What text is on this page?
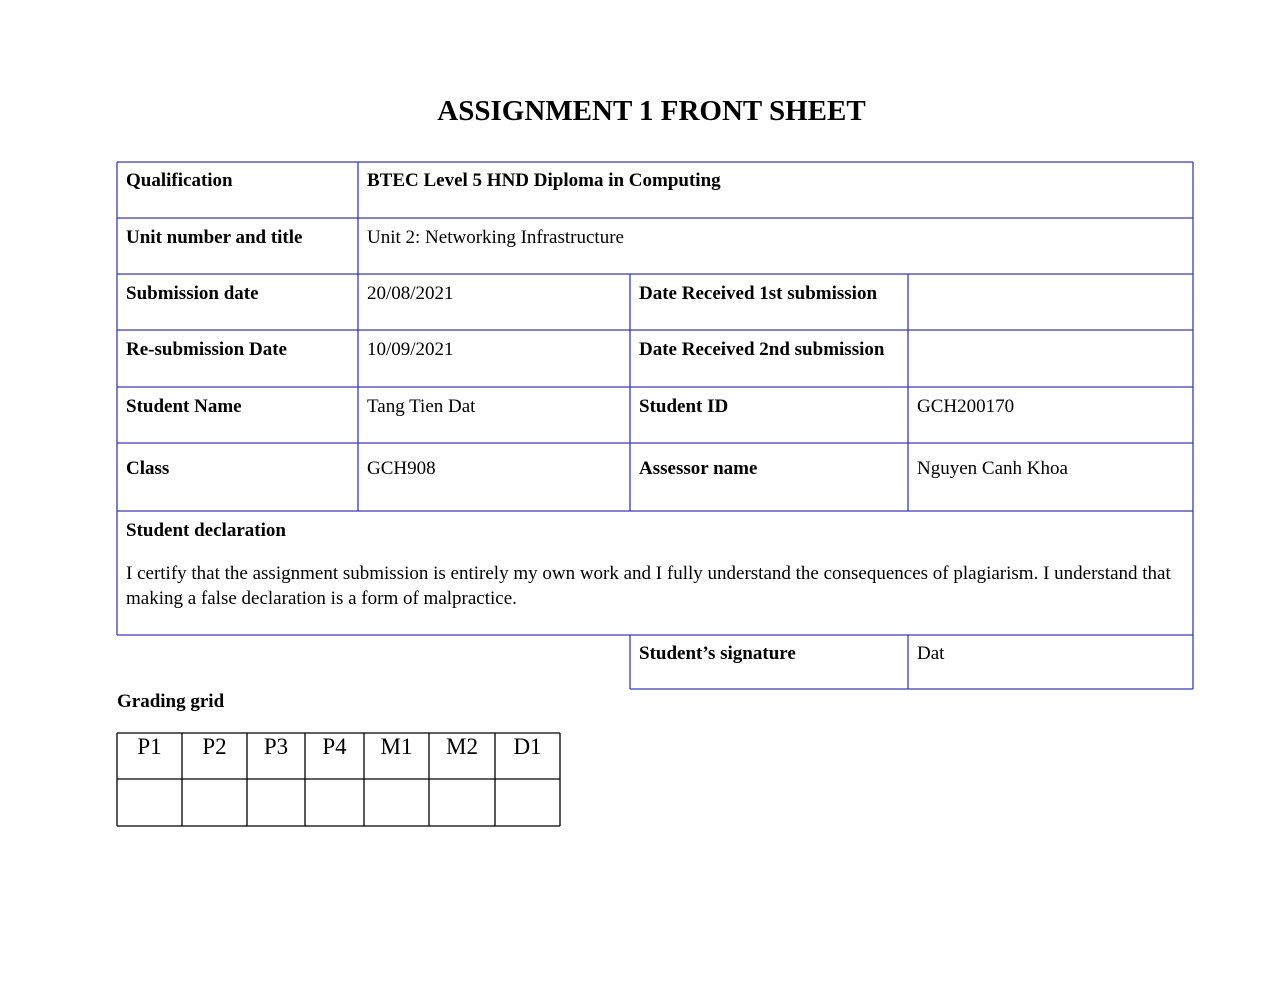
ASSIGNMENT 1 FRONT SHEET
Qualification	BTEC Level 5 HND Diploma in Computing
Unit number and title	Unit 2: Networking Infrastructure
Submission date	20/08/2021	Date Received 1st submission
Re-submission Date	10/09/2021	Date Received 2nd submission
Student Name	Tang Tien Dat	Student ID	GCH200170
Class	GCH908	Assessor name	Nguyen Canh Khoa
Student declaration
I certify that the assignment submission is entirely my own work and I fully understand the consequences of plagiarism. I understand that making a false declaration is a form of malpractice.
Student’s signature	Dat
Grading grid
P1	P2	P3	P4	M1	M2	D1
